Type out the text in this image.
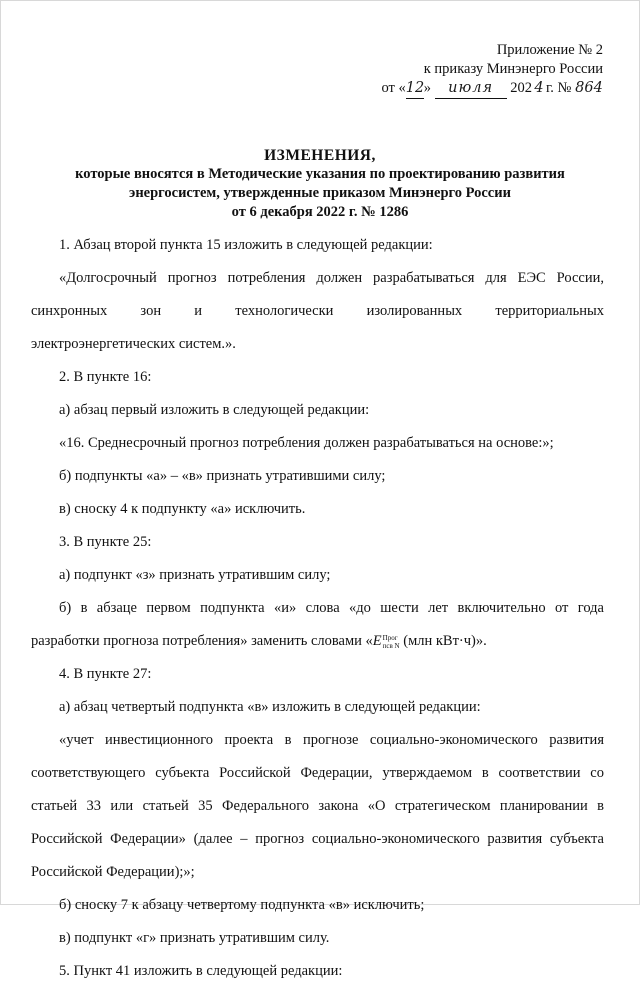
Приложение № 2
к приказу Минэнерго России
от «12» июля 202 4 г. № 864
ИЗМЕНЕНИЯ,
которые вносятся в Методические указания по проектированию развития
энергосистем, утвержденные приказом Минэнерго России
от 6 декабря 2022 г. № 1286

1. Абзац второй пункта 15 изложить в следующей редакции:

«Долгосрочный прогноз потребления должен разрабатываться для ЕЭС России,

синхронных зон и технологически изолированных территориальных

электроэнергетических систем.».

2. В пункте 16:

а) абзац первый изложить в следующей редакции:

«16. Среднесрочный прогноз потребления должен разрабатываться на основе:»;

б) подпункты «а» – «в» признать утратившими силу;

в) сноску 4 к подпункту «а» исключить.

3. В пункте 25:

а) подпункт «з» признать утратившим силу;

б) в абзаце первом подпункта «и» слова «до шести лет включительно от года

разработки прогноза потребления» заменить словами «E Прог
псв N (млн кВт·ч)».

4. В пункте 27:

а) абзац четвертый подпункта «в» изложить в следующей редакции:

«учет инвестиционного проекта в прогнозе социально-экономического развития

соответствующего субъекта Российской Федерации, утверждаемом в соответствии со

статьей 33 или статьей 35 Федерального закона «О стратегическом планировании в

Российской Федерации» (далее – прогноз социально-экономического развития субъекта

Российской Федерации);»;

б) сноску 7 к абзацу четвертому подпункта «в» исключить;

в) подпункт «г» признать утратившим силу.

5. Пункт 41 изложить в следующей редакции:
